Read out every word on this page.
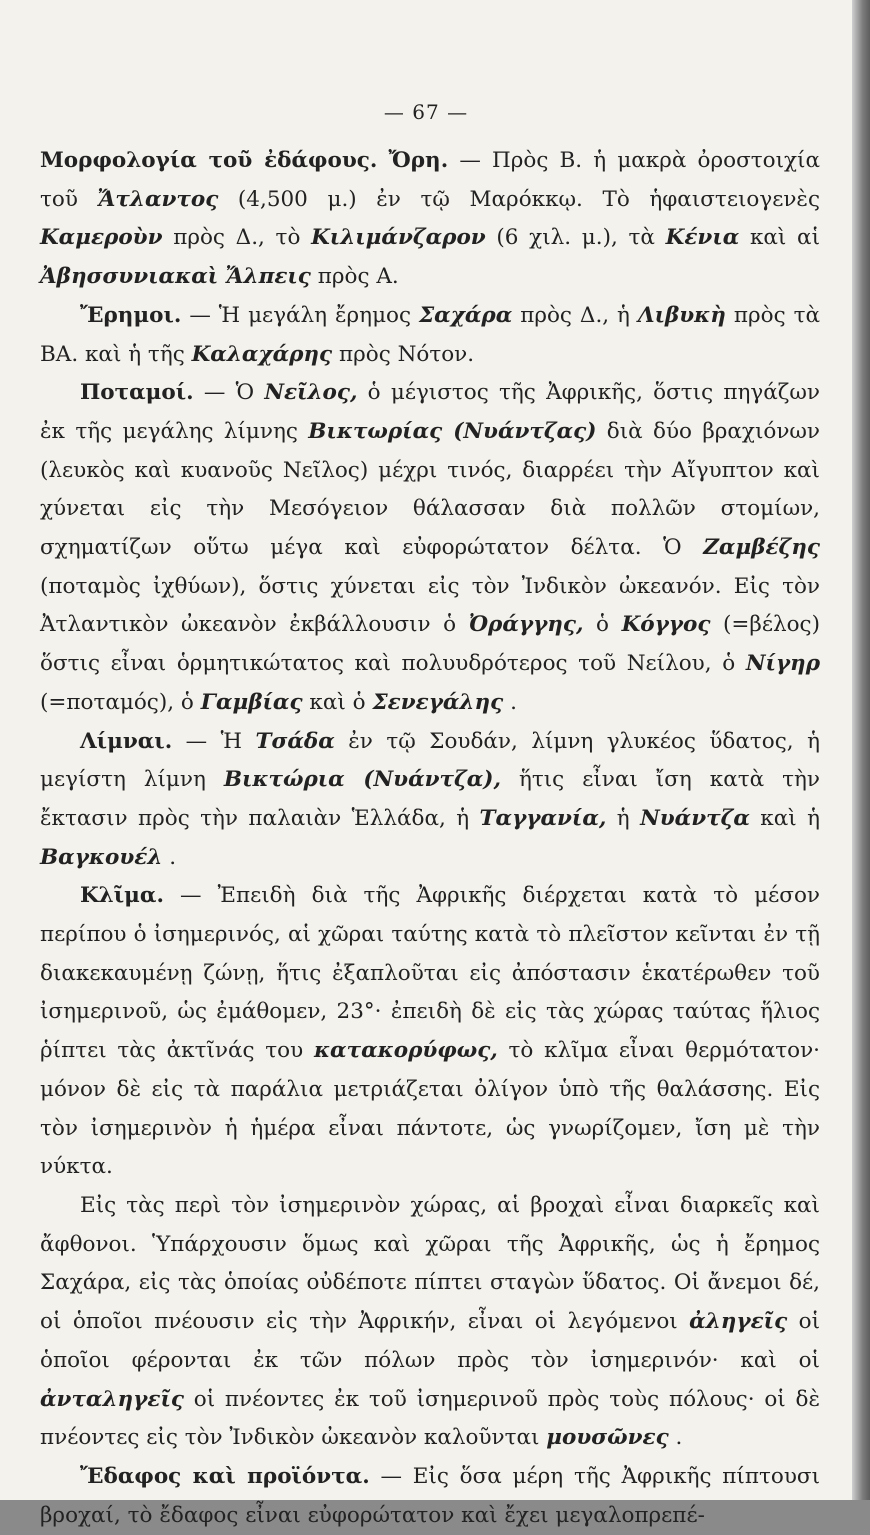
— 67 —

Μορφολογία τοῦ ἐδάφους. Ὄρη. — Πρὸς Β. ἡ μακρὰ ὀροστοιχία τοῦ Ἄτλαντος (4,500 μ.) ἐν τῷ Μαρόκκῳ. Τὸ ἡφαιστειογενὲς Καμεροὺν πρὸς Δ., τὸ Κιλιμάνζαρον (6 χιλ. μ.), τὰ Κένια καὶ αἱ Ἀβησσυνιακαὶ Ἄλπεις πρὸς Α.

Ἔρημοι. — Ἡ μεγάλη ἔρημος Σαχάρα πρὸς Δ., ἡ Λιβυκὴ πρὸς τὰ ΒΑ. καὶ ἡ τῆς Καλαχάρης πρὸς Νότον.

Ποταμοί. — Ὁ Νεῖλος, ὁ μέγιστος τῆς Ἀφρικῆς, ὅστις πηγάζων ἐκ τῆς μεγάλης λίμνης Βικτωρίας (Νυάντζας) διὰ δύο βραχιόνων (λευκὸς καὶ κυανοῦς Νεῖλος) μέχρι τινός, διαρρέει τὴν Αἴγυπτον καὶ χύνεται εἰς τὴν Μεσόγειον θάλασσαν διὰ πολλῶν στομίων, σχηματίζων οὕτω μέγα καὶ εὐφορώτατον δέλτα. Ὁ Ζαμβέζης (ποταμὸς ἰχθύων), ὅστις χύνεται εἰς τὸν Ἰνδικὸν ὠκεανόν. Εἰς τὸν Ἀτλαντικὸν ὠκεανὸν ἐκβάλλουσιν ὁ Ὀράγγης, ὁ Κόγγος (=βέλος) ὅστις εἶναι ὁρμητικώτατος καὶ πολυυδρότερος τοῦ Νείλου, ὁ Νίγηρ (=ποταμός), ὁ Γαμβίας καὶ ὁ Σενεγάλης .

Λίμναι. — Ἡ Τσάδα ἐν τῷ Σουδάν, λίμνη γλυκέος ὕδατος, ἡ μεγίστη λίμνη Βικτώρια (Νυάντζα), ἥτις εἶναι ἴση κατὰ τὴν ἔκτασιν πρὸς τὴν παλαιὰν Ἑλλάδα, ἡ Ταγγανία, ἡ Νυάντζα καὶ ἡ Βαγκουέλ .

Κλῖμα. — Ἐπειδὴ διὰ τῆς Ἀφρικῆς διέρχεται κατὰ τὸ μέσον περίπου ὁ ἰσημερινός, αἱ χῶραι ταύτης κατὰ τὸ πλεῖστον κεῖνται ἐν τῇ διακεκαυμένῃ ζώνῃ, ἥτις ἐξαπλοῦται εἰς ἀπόστασιν ἑκατέρωθεν τοῦ ἰσημερινοῦ, ὡς ἐμάθομεν, 23°· ἐπειδὴ δὲ εἰς τὰς χώρας ταύτας ἥλιος ῥίπτει τὰς ἀκτῖνάς του κατακορύφως, τὸ κλῖμα εἶναι θερμότατον· μόνον δὲ εἰς τὰ παράλια μετριάζεται ὀλίγον ὑπὸ τῆς θαλάσσης. Εἰς τὸν ἰσημερινὸν ἡ ἡμέρα εἶναι πάντοτε, ὡς γνωρίζομεν, ἴση μὲ τὴν νύκτα.

Εἰς τὰς περὶ τὸν ἰσημερινὸν χώρας, αἱ βροχαὶ εἶναι διαρκεῖς καὶ ἄφθονοι. Ὑπάρχουσιν ὅμως καὶ χῶραι τῆς Ἀφρικῆς, ὡς ἡ ἔρημος Σαχάρα, εἰς τὰς ὁποίας οὐδέποτε πίπτει σταγὼν ὕδατος. Οἱ ἄνεμοι δέ, οἱ ὁποῖοι πνέουσιν εἰς τὴν Ἀφρικήν, εἶναι οἱ λεγόμενοι ἀληγεῖς οἱ ὁποῖοι φέρονται ἐκ τῶν πόλων πρὸς τὸν ἰσημερινόν· καὶ οἱ ἀνταληγεῖς οἱ πνέοντες ἐκ τοῦ ἰσημερινοῦ πρὸς τοὺς πόλους· οἱ δὲ πνέοντες εἰς τὸν Ἰνδικὸν ὠκεανὸν καλοῦνται μουσῶνες .

Ἔδαφος καὶ προϊόντα. — Εἰς ὅσα μέρη τῆς Ἀφρικῆς πίπτουσι βροχαί, τὸ ἔδαφος εἶναι εὐφορώτατον καὶ ἔχει μεγαλοπρεπέ-
